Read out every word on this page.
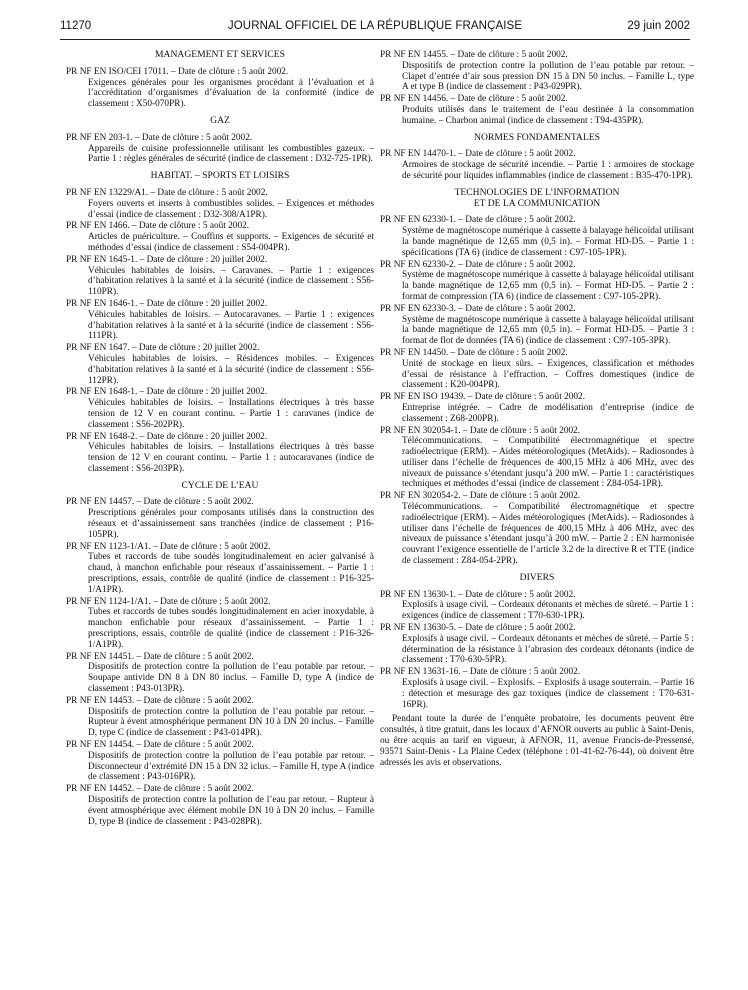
11270	JOURNAL OFFICIEL DE LA RÉPUBLIQUE FRANÇAISE	29 juin 2002
MANAGEMENT ET SERVICES
PR NF EN ISO/CEI 17011. – Date de clôture : 5 août 2002.
Exigences générales pour les organismes procédant à l’évaluation et à l’accréditation d’organismes d’évaluation de la conformité (indice de classement : X50-070PR).
GAZ
PR NF EN 203-1. – Date de clôture : 5 août 2002.
Appareils de cuisine professionnelle utilisant les combustibles gazeux. – Partie 1 : règles générales de sécurité (indice de classement : D32-725-1PR).
HABITAT. – SPORTS ET LOISIRS
PR NF EN 13229/A1. – Date de clôture : 5 août 2002.
Foyers ouverts et inserts à combustibles solides. – Exigences et méthodes d’essai (indice de classement : D32-308/A1PR).
PR NF EN 1466. – Date de clôture : 5 août 2002.
Articles de puériculture. – Couffins et supports. – Exigences de sécurité et méthodes d’essai (indice de classement : S54-004PR).
PR NF EN 1645-1. – Date de clôture : 20 juillet 2002.
Véhicules habitables de loisirs. – Caravanes. – Partie 1 : exigences d’habitation relatives à la santé et à la sécurité (indice de classement : S56-110PR).
PR NF EN 1646-1. – Date de clôture : 20 juillet 2002.
Véhicules habitables de loisirs. – Autocaravanes. – Partie 1 : exigences d’habitation relatives à la santé et à la sécurité (indice de classement : S56-111PR).
PR NF EN 1647. – Date de clôture : 20 juillet 2002.
Véhicules habitables de loisirs. – Résidences mobiles. – Exigences d’habitation relatives à la santé et à la sécurité (indice de classement : S56-112PR).
PR NF EN 1648-1. – Date de clôture : 20 juillet 2002.
Véhicules habitables de loisirs. – Installations électriques à très basse tension de 12 V en courant continu. – Partie 1 : caravanes (indice de classement : S56-202PR).
PR NF EN 1648-2. – Date de clôture : 20 juillet 2002.
Véhicules habitables de loisirs. – Installations électriques à très basse tension de 12 V en courant continu. – Partie 1 : autocaravanes (indice de classement : S56-203PR).
CYCLE DE L’EAU
PR NF EN 14457. – Date de clôture : 5 août 2002.
Prescriptions générales pour composants utilisés dans la construction des réseaux et d’assainissement sans tranchées (indice de classement : P16-105PR).
PR NF EN 1123-1/A1. – Date de clôture : 5 août 2002.
Tubes et raccords de tube soudés longitudinalement en acier galvanisé à chaud, à manchon enfichable pour réseaux d’assainissement. – Partie 1 : prescriptions, essais, contrôle de qualité (indice de classement : P16-325-1/A1PR).
PR NF EN 1124-1/A1. – Date de clôture : 5 août 2002.
Tubes et raccords de tubes soudés longitudinalement en acier inoxydable, à manchon enfichable pour réseaux d’assainissement. – Partie 1 : prescriptions, essais, contrôle de qualité (indice de classement : P16-326-1/A1PR).
PR NF EN 14451. – Date de clôture : 5 août 2002.
Dispositifs de protection contre la pollution de l’eau potable par retour. – Soupape antivide DN 8 à DN 80 inclus. – Famille D, type A (indice de classement : P43-013PR).
PR NF EN 14453. – Date de clôture : 5 août 2002.
Dispositifs de protection contre la pollution de l’eau potable par retour. – Rupteur à évent atmosphérique permanent DN 10 à DN 20 inclus. – Famille D, type C (indice de classement : P43-014PR).
PR NF EN 14454. – Date de clôture : 5 août 2002.
Dispositifs de protection contre la pollution de l’eau potable par retour. – Disconnecteur d’extrémité DN 15 à DN 32 iclus. – Famille H, type A (indice de classement : P43-016PR).
PR NF EN 14452. – Date de clôture : 5 août 2002.
Dispositifs de protection contre la pollution de l’eau par retour. – Rupteur à évent atmosphérique avec élément mobile DN 10 à DN 20 inclus. – Famille D, type B (indice de classement : P43-028PR).
PR NF EN 14455. – Date de clôture : 5 août 2002.
Dispositifs de protection contre la pollution de l’eau potable par retour. – Clapet d’entrée d’air sous pression DN 15 à DN 50 inclus. – Famille L, type A et type B (indice de classement : P43-029PR).
PR NF EN 14456. – Date de clôture : 5 août 2002.
Produits utilisés dans le traitement de l’eau destinée à la consommation humaine. – Charbon animal (indice de classement : T94-435PR).
NORMES FONDAMENTALES
PR NF EN 14470-1. – Date de clôture : 5 août 2002.
Armoires de stockage de sécurité incendie. – Partie 1 : armoires de stockage de sécurité pour liquides inflammables (indice de classement : B35-470-1PR).
TECHNOLOGIES DE L’INFORMATION
ET DE LA COMMUNICATION
PR NF EN 62330-1. – Date de clôture : 5 août 2002.
Système de magnétoscope numérique à cassette à balayage hélicoïdal utilisant la bande magnétique de 12,65 mm (0,5 in). – Format HD-D5. – Partie 1 : spécifications (TA 6) (indice de classement : C97-105-1PR).
PR NF EN 62330-2. – Date de clôture : 5 août 2002.
Système de magnétoscope numérique à cassette à balayage hélicoïdal utilisant la bande magnétique de 12,65 mm (0,5 in). – Format HD-D5. – Partie 2 : format de compression (TA 6) (indice de classement : C97-105-2PR).
PR NF EN 62330-3. – Date de clôture : 5 août 2002.
Système de magnétoscope numérique à cassette à balayage hélicoïdal utilisant la bande magnétique de 12,65 mm (0,5 in). – Format HD-D5. – Partie 3 : format de flot de données (TA 6) (indice de classement : C97-105-3PR).
PR NF EN 14450. – Date de clôture : 5 août 2002.
Unité de stockage en lieux sûrs. – Exigences, classification et méthodes d’essai de résistance à l’effraction. – Coffres domestiques (indice de classement : K20-004PR).
PR NF EN ISO 19439. – Date de clôture : 5 août 2002.
Entreprise intégrée. – Cadre de modélisation d’entreprise (indice de classement : Z68-200PR).
PR NF EN 302054-1. – Date de clôture : 5 août 2002.
Télécommunications. – Compatibilité électromagnétique et spectre radioélectrique (ERM). – Aides météorologiques (MetAids). – Radiosondes à utiliser dans l’échelle de fréquences de 400,15 MHz à 406 MHz, avec des niveaux de puissance s’étendant jusqu’à 200 mW. – Partie 1 : caractéristiques techniques et méthodes d’essai (indice de classement : Z84-054-1PR).
PR NF EN 302054-2. – Date de clôture : 5 août 2002.
Télécommunications. – Compatibilité électromagnétique et spectre radioélectrique (ERM). – Aides météorologiques (MetAids). – Radiosondes à utiliser dans l’échelle de fréquences de 400,15 MHz à 406 MHz, avec des niveaux de puissance s’étendant jusqu’à 200 mW. – Partie 2 : EN harmonisée couvrant l’exigence essentielle de l’article 3.2 de la directive R et TTE (indice de classement : Z84-054-2PR).
DIVERS
PR NF EN 13630-1. – Date de clôture : 5 août 2002.
Explosifs à usage civil. – Cordeaux détonants et mèches de sûreté. – Partie 1 : exigences (indice de classement : T70-630-1PR).
PR NF EN 13630-5. – Date de clôture : 5 août 2002.
Explosifs à usage civil. – Cordeaux détonants et mèches de sûreté. – Partie 5 : détermination de la résistance à l’abrasion des cordeaux détonants (indice de classement : T70-630-5PR).
PR NF EN 13631-16. – Date de clôture : 5 août 2002.
Explosifs à usage civil. – Explosifs. – Explosifs à usage souterrain. – Partie 16 : détection et mesurage des gaz toxiques (indice de classement : T70-631-16PR).
Pendant toute la durée de l’enquête probatoire, les documents peuvent être consultés, à titre gratuit, dans les locaux d’AFNOR ouverts au public à Saint-Denis, ou être acquis au tarif en vigueur, à AFNOR, 11, avenue Francis-de-Pressensé, 93571 Saint-Denis - La Plaine Cedex (téléphone : 01-41-62-76-44), où doivent être adressés les avis et observations.
